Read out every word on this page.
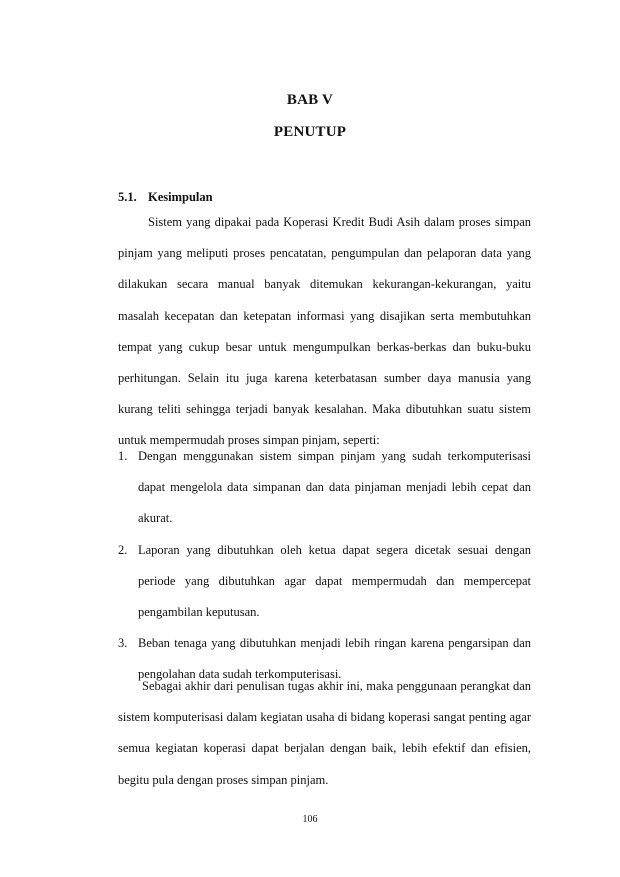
BAB V
PENUTUP
5.1. Kesimpulan
Sistem yang dipakai pada Koperasi Kredit Budi Asih dalam proses simpan
pinjam yang meliputi proses pencatatan, pengumpulan dan pelaporan data yang
dilakukan secara manual banyak ditemukan kekurangan-kekurangan, yaitu
masalah kecepatan dan ketepatan informasi yang disajikan serta membutuhkan
tempat yang cukup besar untuk mengumpulkan berkas-berkas dan buku-buku
perhitungan. Selain itu juga karena keterbatasan sumber daya manusia yang
kurang teliti sehingga terjadi banyak kesalahan. Maka dibutuhkan suatu sistem
untuk mempermudah proses simpan pinjam, seperti:
1. Dengan menggunakan sistem simpan pinjam yang sudah terkomputerisasi
dapat mengelola data simpanan dan data pinjaman menjadi lebih cepat dan
akurat.
2. Laporan yang dibutuhkan oleh ketua dapat segera dicetak sesuai dengan
periode yang dibutuhkan agar dapat mempermudah dan mempercepat
pengambilan keputusan.
3. Beban tenaga yang dibutuhkan menjadi lebih ringan karena pengarsipan dan
pengolahan data sudah terkomputerisasi.
Sebagai akhir dari penulisan tugas akhir ini, maka penggunaan perangkat dan
sistem komputerisasi dalam kegiatan usaha di bidang koperasi sangat penting agar
semua kegiatan koperasi dapat berjalan dengan baik, lebih efektif dan efisien,
begitu pula dengan proses simpan pinjam.
106
